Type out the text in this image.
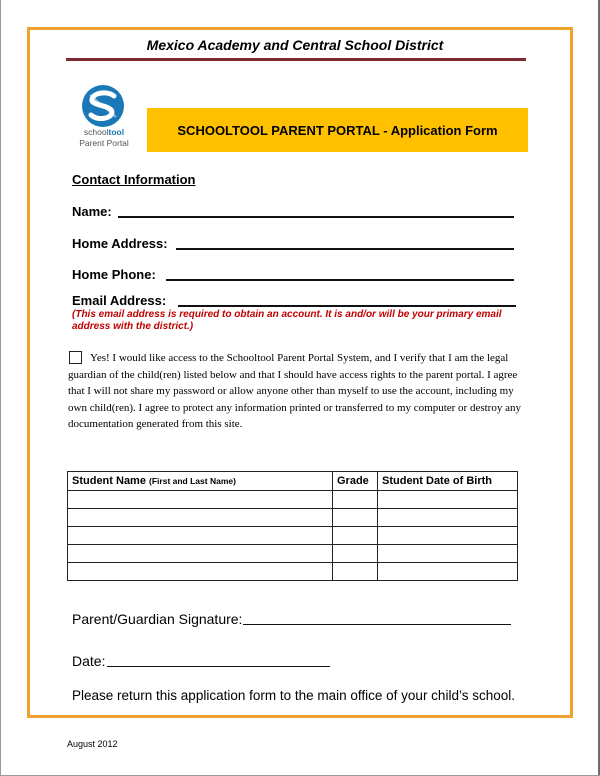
Mexico Academy and Central School District
schooltool
Parent Portal
SCHOOLTOOL PARENT PORTAL - Application Form
Contact Information
Name:
Home Address:
Home Phone:
Email Address:
(This email address is required to obtain an account. It is and/or will be your primary email address with the district.)
Yes! I would like access to the Schooltool Parent Portal System, and I verify that I am the legal guardian of the child(ren) listed below and that I should have access rights to the parent portal. I agree that I will not share my password or allow anyone other than myself to use the account, including my own child(ren). I agree to protect any information printed or transferred to my computer or destroy any documentation generated from this site.
Student Name (First and Last Name)	Grade	Student Date of Birth

Parent/Guardian Signature:
Date:
Please return this application form to the main office of your child’s school.
August 2012
